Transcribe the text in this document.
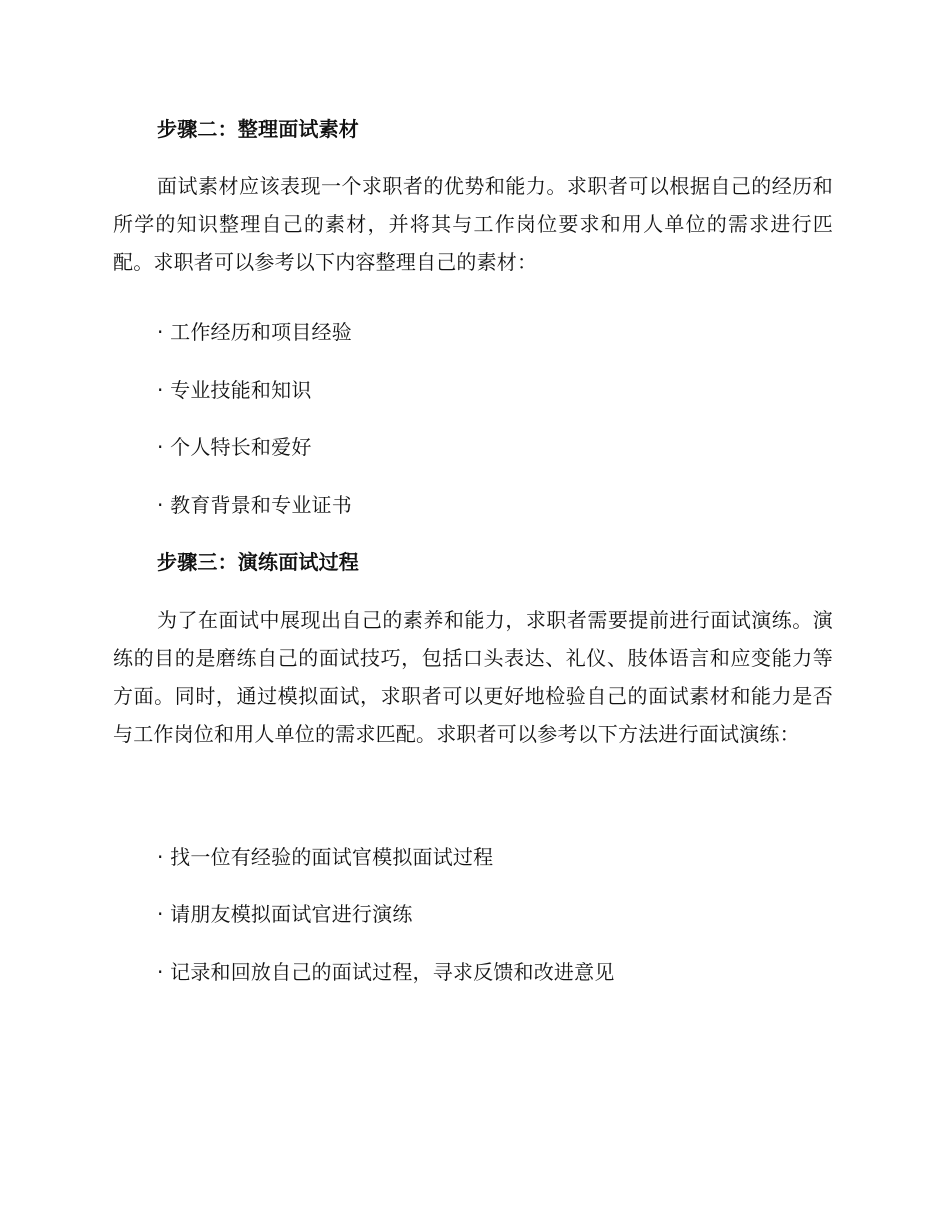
步骤二：整理面试素材
面试素材应该表现一个求职者的优势和能力。求职者可以根据自己的经历和所学的知识整理自己的素材，并将其与工作岗位要求和用人单位的需求进行匹配。求职者可以参考以下内容整理自己的素材：
· 工作经历和项目经验
· 专业技能和知识
· 个人特长和爱好
· 教育背景和专业证书
步骤三：演练面试过程
为了在面试中展现出自己的素养和能力，求职者需要提前进行面试演练。演练的目的是磨练自己的面试技巧，包括口头表达、礼仪、肢体语言和应变能力等方面。同时，通过模拟面试，求职者可以更好地检验自己的面试素材和能力是否与工作岗位和用人单位的需求匹配。求职者可以参考以下方法进行面试演练：
· 找一位有经验的面试官模拟面试过程
· 请朋友模拟面试官进行演练
· 记录和回放自己的面试过程，寻求反馈和改进意见
